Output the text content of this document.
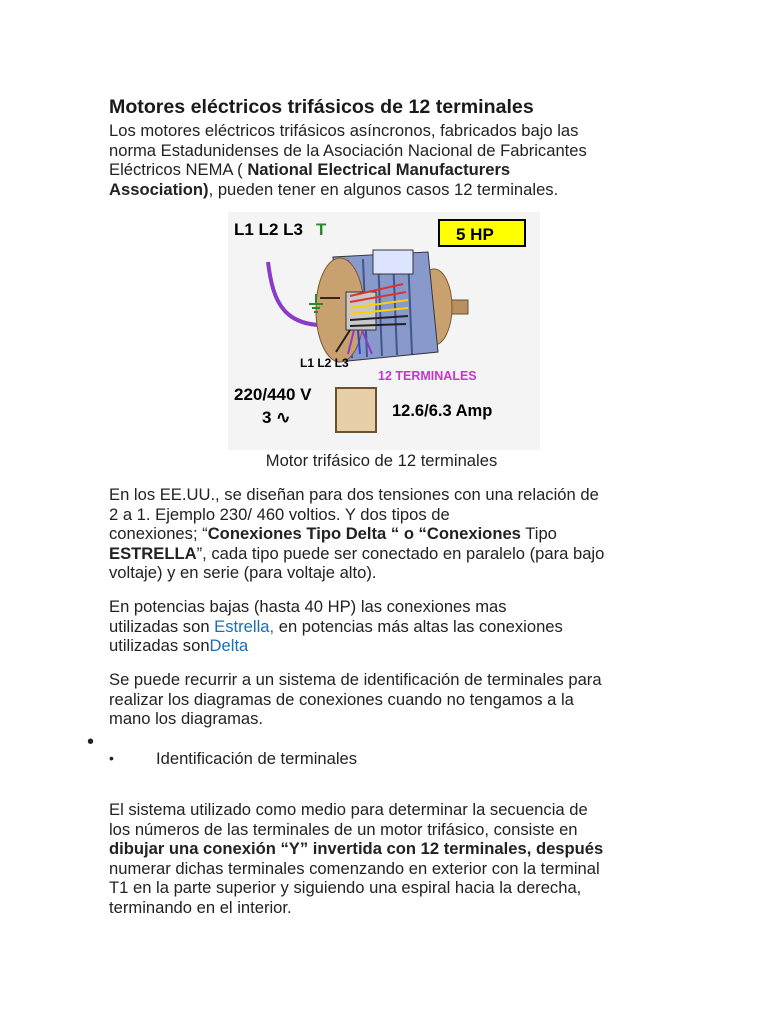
Motores eléctricos trifásicos de 12 terminales
Los motores eléctricos trifásicos asíncronos, fabricados bajo las
norma Estadunidenses de la Asociación Nacional de Fabricantes
Eléctricos NEMA ( National Electrical Manufacturers
Association), pueden tener en algunos casos 12 terminales.
L1 L2 L3 T	5 HP
L1 L2 L3
12 TERMINALES
220/440 V
3 ∿	12.6/6.3 Amp
Motor trifásico de 12 terminales
En los EE.UU., se diseñan para dos tensiones con una relación de
2 a 1. Ejemplo 230/ 460 voltios. Y dos tipos de
conexiones; “Conexiones Tipo Delta “ o “Conexiones Tipo
ESTRELLA”, cada tipo puede ser conectado en paralelo (para bajo
voltaje) y en serie (para voltaje alto).
En potencias bajas (hasta 40 HP) las conexiones mas
utilizadas son Estrella, en potencias más altas las conexiones
utilizadas sonDelta
Se puede recurrir a un sistema de identificación de terminales para
realizar los diagramas de conexiones cuando no tengamos a la
mano los diagramas.
•
•	Identificación de terminales
El sistema utilizado como medio para determinar la secuencia de
los números de las terminales de un motor trifásico, consiste en
dibujar una conexión “Y” invertida con 12 terminales, después
numerar dichas terminales comenzando en exterior con la terminal
T1 en la parte superior y siguiendo una espiral hacia la derecha,
terminando en el interior.
